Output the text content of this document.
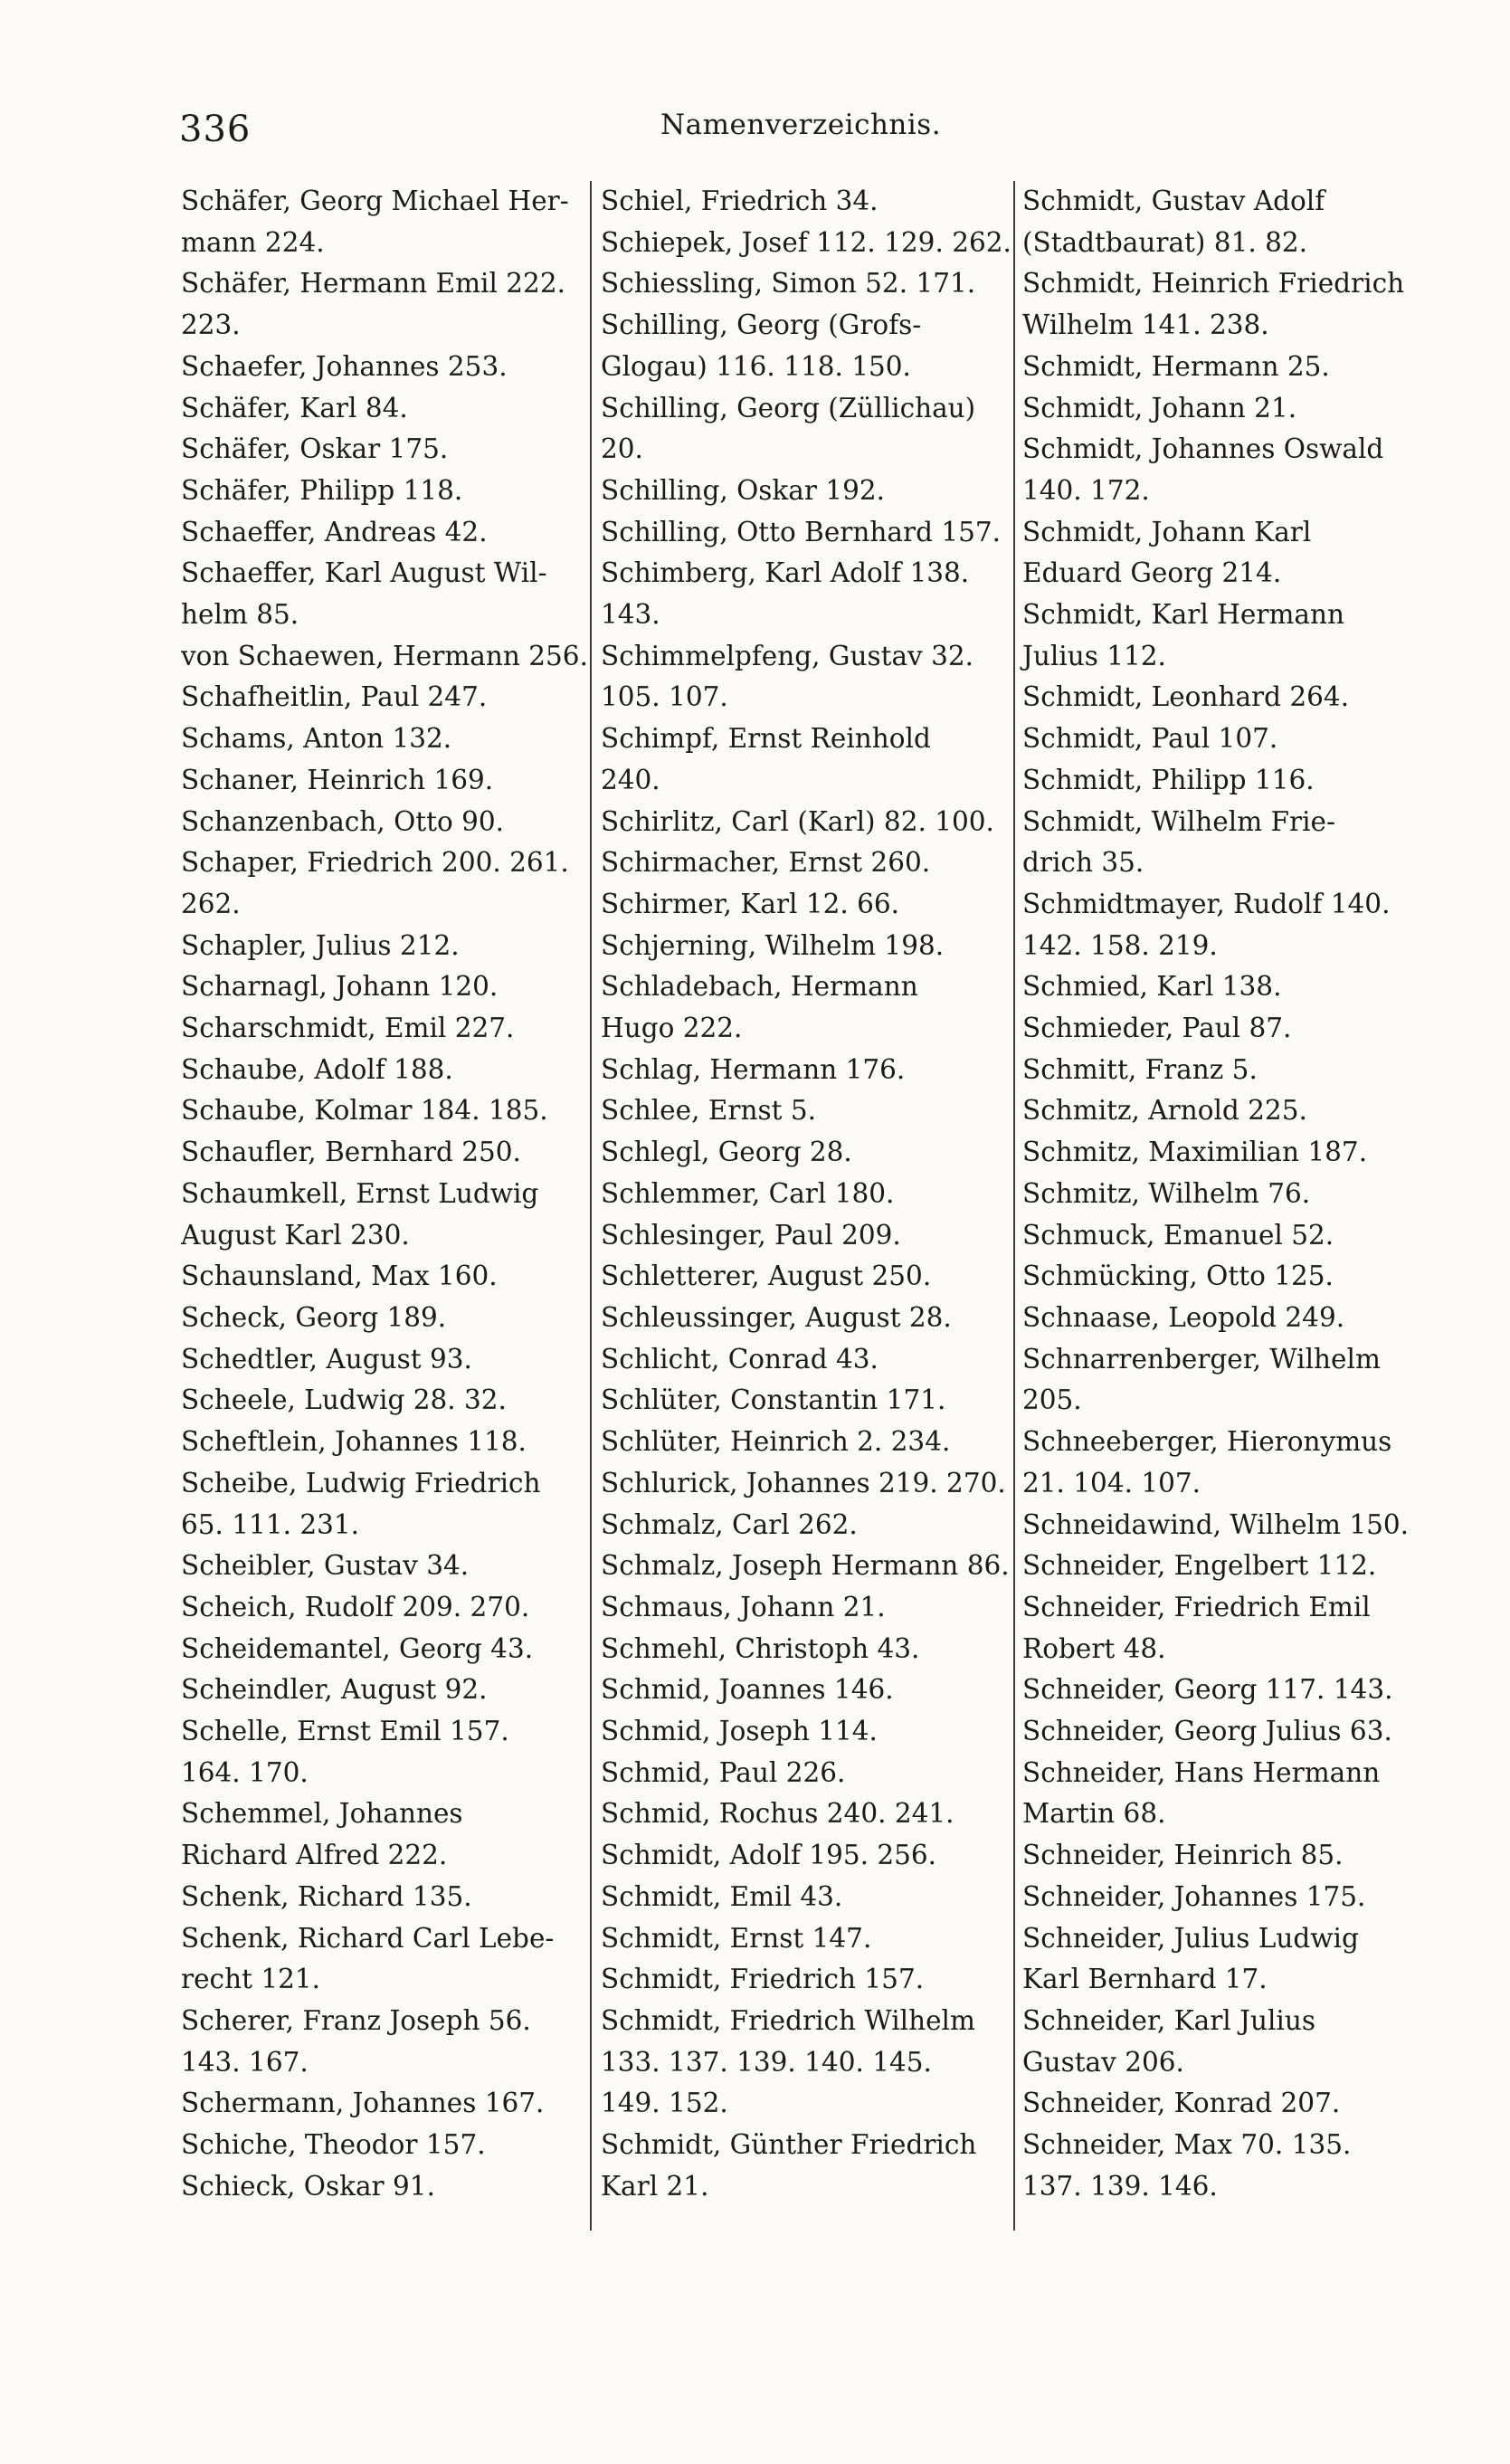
336	Namenverzeichnis.
Schäfer, Georg Michael Her-
mann 224.
Schäfer, Hermann Emil 222.
223.
Schaefer, Johannes 253.
Schäfer, Karl 84.
Schäfer, Oskar 175.
Schäfer, Philipp 118.
Schaeffer, Andreas 42.
Schaeffer, Karl August Wil-
helm 85.
von Schaewen, Hermann 256.
Schafheitlin, Paul 247.
Schams, Anton 132.
Schaner, Heinrich 169.
Schanzenbach, Otto 90.
Schaper, Friedrich 200. 261.
262.
Schapler, Julius 212.
Scharnagl, Johann 120.
Scharschmidt, Emil 227.
Schaube, Adolf 188.
Schaube, Kolmar 184. 185.
Schaufler, Bernhard 250.
Schaumkell, Ernst Ludwig
August Karl 230.
Schaunsland, Max 160.
Scheck, Georg 189.
Schedtler, August 93.
Scheele, Ludwig 28. 32.
Scheftlein, Johannes 118.
Scheibe, Ludwig Friedrich
65. 111. 231.
Scheibler, Gustav 34.
Scheich, Rudolf 209. 270.
Scheidemantel, Georg 43.
Scheindler, August 92.
Schelle, Ernst Emil 157.
164. 170.
Schemmel, Johannes
Richard Alfred 222.
Schenk, Richard 135.
Schenk, Richard Carl Lebe-
recht 121.
Scherer, Franz Joseph 56.
143. 167.
Schermann, Johannes 167.
Schiche, Theodor 157.
Schieck, Oskar 91.
Schiel, Friedrich 34.
Schiepek, Josef 112. 129. 262.
Schiessling, Simon 52. 171.
Schilling, Georg (Grofs-
Glogau) 116. 118. 150.
Schilling, Georg (Züllichau)
20.
Schilling, Oskar 192.
Schilling, Otto Bernhard 157.
Schimberg, Karl Adolf 138.
143.
Schimmelpfeng, Gustav 32.
105. 107.
Schimpf, Ernst Reinhold
240.
Schirlitz, Carl (Karl) 82. 100.
Schirmacher, Ernst 260.
Schirmer, Karl 12. 66.
Schjerning, Wilhelm 198.
Schladebach, Hermann
Hugo 222.
Schlag, Hermann 176.
Schlee, Ernst 5.
Schlegl, Georg 28.
Schlemmer, Carl 180.
Schlesinger, Paul 209.
Schletterer, August 250.
Schleussinger, August 28.
Schlicht, Conrad 43.
Schlüter, Constantin 171.
Schlüter, Heinrich 2. 234.
Schlurick, Johannes 219. 270.
Schmalz, Carl 262.
Schmalz, Joseph Hermann 86.
Schmaus, Johann 21.
Schmehl, Christoph 43.
Schmid, Joannes 146.
Schmid, Joseph 114.
Schmid, Paul 226.
Schmid, Rochus 240. 241.
Schmidt, Adolf 195. 256.
Schmidt, Emil 43.
Schmidt, Ernst 147.
Schmidt, Friedrich 157.
Schmidt, Friedrich Wilhelm
133. 137. 139. 140. 145.
149. 152.
Schmidt, Günther Friedrich
Karl 21.
Schmidt, Gustav Adolf
(Stadtbaurat) 81. 82.
Schmidt, Heinrich Friedrich
Wilhelm 141. 238.
Schmidt, Hermann 25.
Schmidt, Johann 21.
Schmidt, Johannes Oswald
140. 172.
Schmidt, Johann Karl
Eduard Georg 214.
Schmidt, Karl Hermann
Julius 112.
Schmidt, Leonhard 264.
Schmidt, Paul 107.
Schmidt, Philipp 116.
Schmidt, Wilhelm Frie-
drich 35.
Schmidtmayer, Rudolf 140.
142. 158. 219.
Schmied, Karl 138.
Schmieder, Paul 87.
Schmitt, Franz 5.
Schmitz, Arnold 225.
Schmitz, Maximilian 187.
Schmitz, Wilhelm 76.
Schmuck, Emanuel 52.
Schmücking, Otto 125.
Schnaase, Leopold 249.
Schnarrenberger, Wilhelm
205.
Schneeberger, Hieronymus
21. 104. 107.
Schneidawind, Wilhelm 150.
Schneider, Engelbert 112.
Schneider, Friedrich Emil
Robert 48.
Schneider, Georg 117. 143.
Schneider, Georg Julius 63.
Schneider, Hans Hermann
Martin 68.
Schneider, Heinrich 85.
Schneider, Johannes 175.
Schneider, Julius Ludwig
Karl Bernhard 17.
Schneider, Karl Julius
Gustav 206.
Schneider, Konrad 207.
Schneider, Max 70. 135.
137. 139. 146.
